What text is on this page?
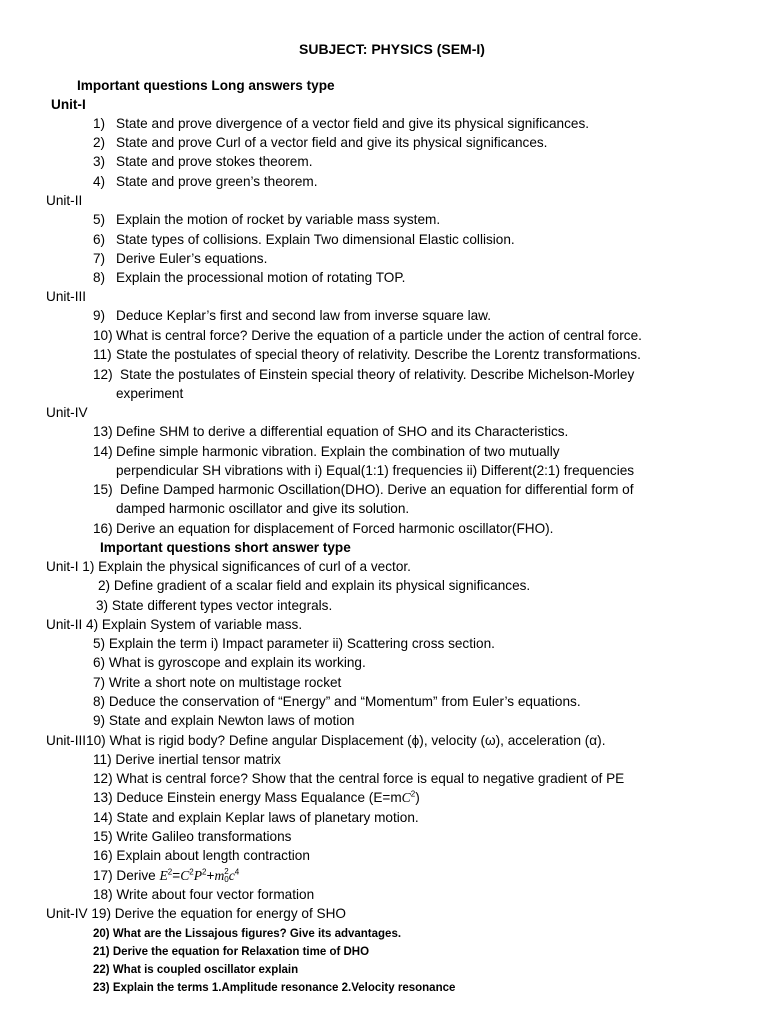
SUBJECT: PHYSICS (SEM-I)
Important questions Long answers type
Unit-I
1) State and prove divergence of a vector field and give its physical significances.
2) State and prove Curl of a vector field and give its physical significances.
3) State and prove stokes theorem.
4) State and prove green’s theorem.
Unit-II
5) Explain the motion of rocket by variable mass system.
6) State types of collisions. Explain Two dimensional Elastic collision.
7) Derive Euler’s equations.
8) Explain the processional motion of rotating TOP.
Unit-III
9) Deduce Keplar’s first and second law from inverse square law.
10) What is central force? Derive the equation of a particle under the action of central force.
11) State the postulates of special theory of relativity. Describe the Lorentz transformations.
12) State the postulates of Einstein special theory of relativity. Describe Michelson-Morley
experiment
Unit-IV
13) Define SHM to derive a differential equation of SHO and its Characteristics.
14) Define simple harmonic vibration. Explain the combination of two mutually
perpendicular SH vibrations with i) Equal(1:1) frequencies ii) Different(2:1) frequencies
15) Define Damped harmonic Oscillation(DHO). Derive an equation for differential form of
damped harmonic oscillator and give its solution.
16) Derive an equation for displacement of Forced harmonic oscillator(FHO).
Important questions short answer type
Unit-I 1) Explain the physical significances of curl of a vector.
2) Define gradient of a scalar field and explain its physical significances.
3) State different types vector integrals.
Unit-II 4) Explain System of variable mass.
5) Explain the term i) Impact parameter ii) Scattering cross section.
6) What is gyroscope and explain its working.
7) Write a short note on multistage rocket
8) Deduce the conservation of “Energy” and “Momentum” from Euler’s equations.
9) State and explain Newton laws of motion
Unit-III10) What is rigid body? Define angular Displacement (ϕ), velocity (ω), acceleration (α).
11) Derive inertial tensor matrix
12) What is central force? Show that the central force is equal to negative gradient of PE
13) Deduce Einstein energy Mass Equalance $(E=mC^2)$
14) State and explain Keplar laws of planetary motion.
15) Write Galileo transformations
16) Explain about length contraction
17) Derive $E^2=C^2P^2+m$ 2
0 $c^4$
18) Write about four vector formation
Unit-IV 19) Derive the equation for energy of SHO
20) What are the Lissajous figures? Give its advantages.
21) Derive the equation for Relaxation time of DHO
22) What is coupled oscillator explain
23) Explain the terms 1.Amplitude resonance 2.Velocity resonance
